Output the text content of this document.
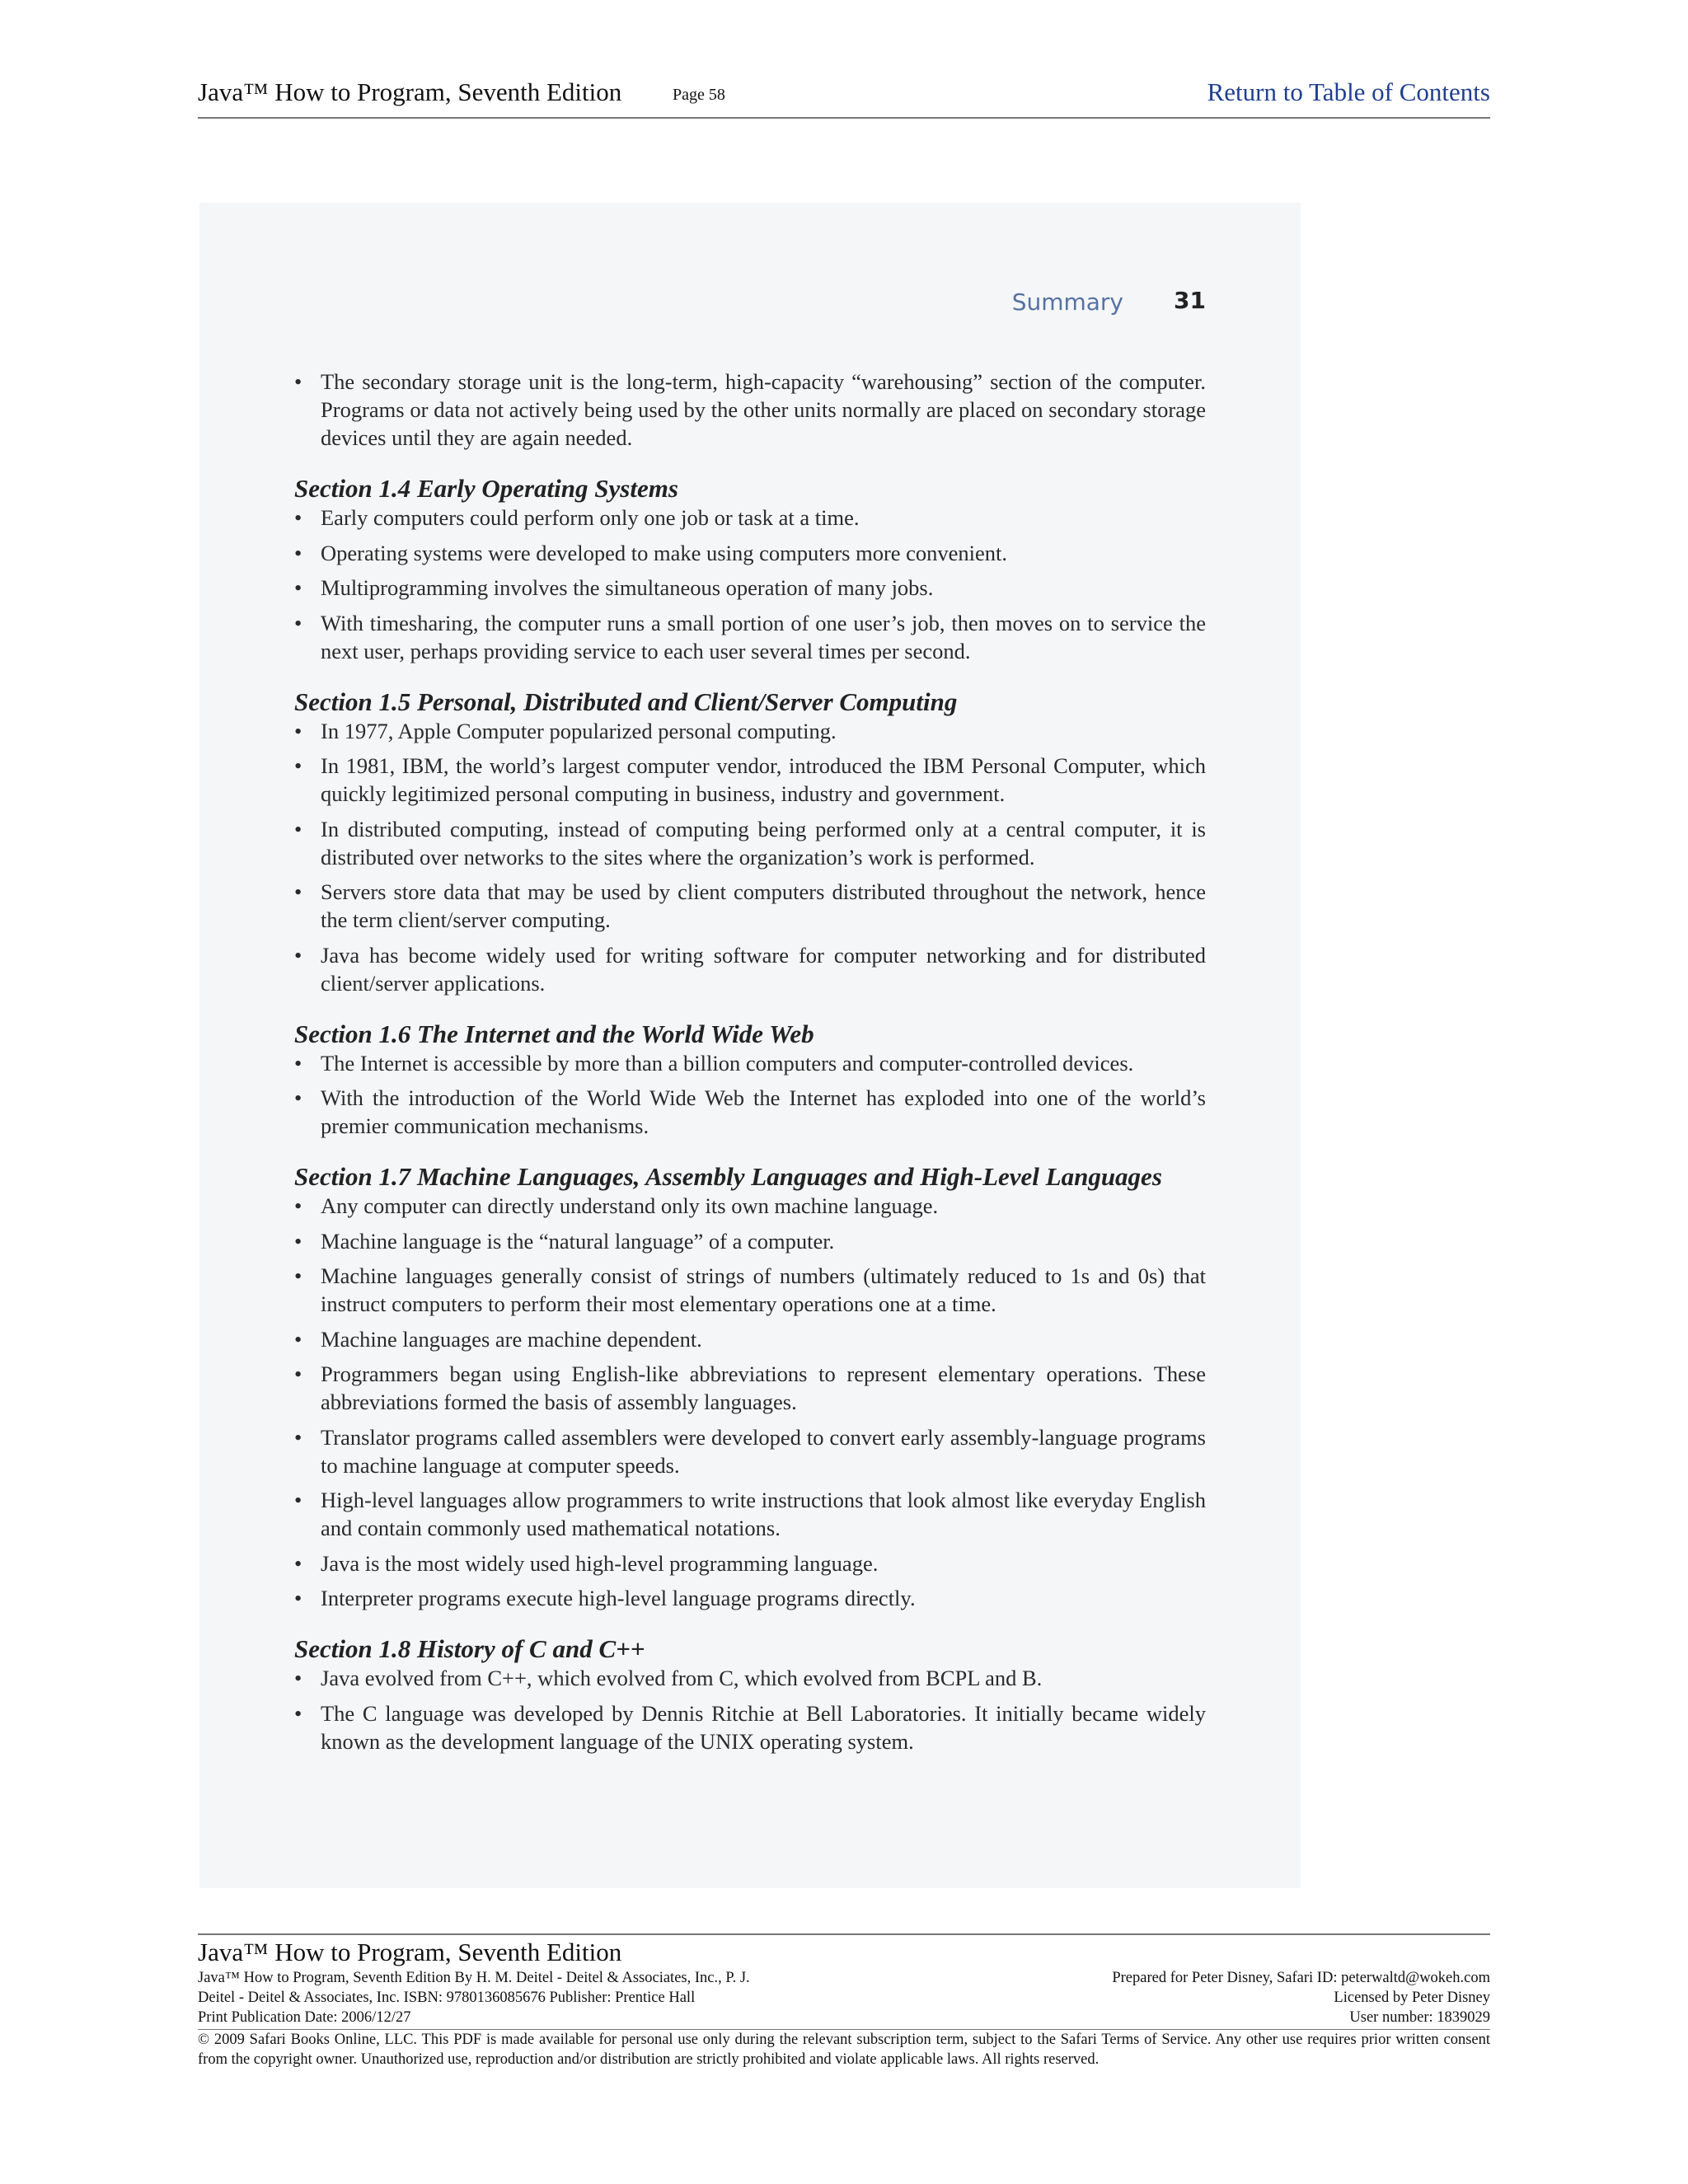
Java™ How to Program, Seventh Edition	Page 58	Return to Table of Contents
Summary 31
• The secondary storage unit is the long-term, high-capacity “warehousing” section of the computer. Programs or data not actively being used by the other units normally are placed on secondary storage devices until they are again needed.
Section 1.4 Early Operating Systems
• Early computers could perform only one job or task at a time.
• Operating systems were developed to make using computers more convenient.
• Multiprogramming involves the simultaneous operation of many jobs.
• With timesharing, the computer runs a small portion of one user’s job, then moves on to service the next user, perhaps providing service to each user several times per second.
Section 1.5 Personal, Distributed and Client/Server Computing
• In 1977, Apple Computer popularized personal computing.
• In 1981, IBM, the world’s largest computer vendor, introduced the IBM Personal Computer, which quickly legitimized personal computing in business, industry and government.
• In distributed computing, instead of computing being performed only at a central computer, it is distributed over networks to the sites where the organization’s work is performed.
• Servers store data that may be used by client computers distributed throughout the network, hence the term client/server computing.
• Java has become widely used for writing software for computer networking and for distributed client/server applications.
Section 1.6 The Internet and the World Wide Web
• The Internet is accessible by more than a billion computers and computer-controlled devices.
• With the introduction of the World Wide Web the Internet has exploded into one of the world’s premier communication mechanisms.
Section 1.7 Machine Languages, Assembly Languages and High-Level Languages
• Any computer can directly understand only its own machine language.
• Machine language is the “natural language” of a computer.
• Machine languages generally consist of strings of numbers (ultimately reduced to 1s and 0s) that instruct computers to perform their most elementary operations one at a time.
• Machine languages are machine dependent.
• Programmers began using English-like abbreviations to represent elementary operations. These abbreviations formed the basis of assembly languages.
• Translator programs called assemblers were developed to convert early assembly-language programs to machine language at computer speeds.
• High-level languages allow programmers to write instructions that look almost like everyday English and contain commonly used mathematical notations.
• Java is the most widely used high-level programming language.
• Interpreter programs execute high-level language programs directly.
Section 1.8 History of C and C++
• Java evolved from C++, which evolved from C, which evolved from BCPL and B.
• The C language was developed by Dennis Ritchie at Bell Laboratories. It initially became widely known as the development language of the UNIX operating system.
Java™ How to Program, Seventh Edition
Java™ How to Program, Seventh Edition By H. M. Deitel - Deitel & Associates, Inc., P. J.	Prepared for Peter Disney, Safari ID: peterwaltd@wokeh.com
Deitel - Deitel & Associates, Inc. ISBN: 9780136085676 Publisher: Prentice Hall	Licensed by Peter Disney
Print Publication Date: 2006/12/27	User number: 1839029
© 2009 Safari Books Online, LLC. This PDF is made available for personal use only during the relevant subscription term, subject to the Safari Terms of Service. Any other use requires prior written consent from the copyright owner. Unauthorized use, reproduction and/or distribution are strictly prohibited and violate applicable laws. All rights reserved.
